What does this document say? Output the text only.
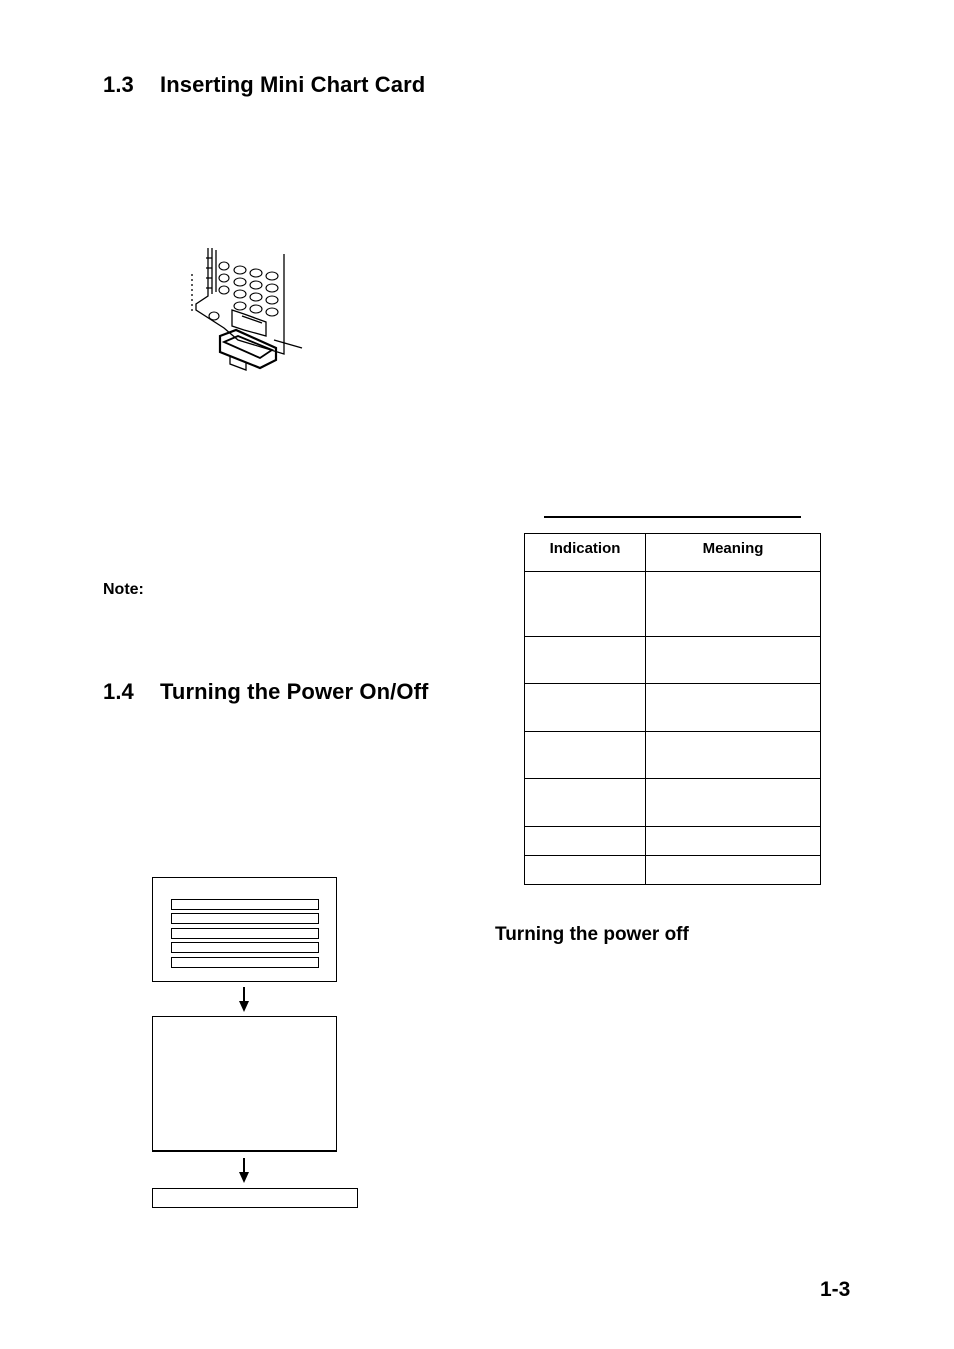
1.3 Inserting Mini Chart Card
Note:
1.4 Turning the Power On/Off
Indication	Meaning

Turning the power off
1-3
